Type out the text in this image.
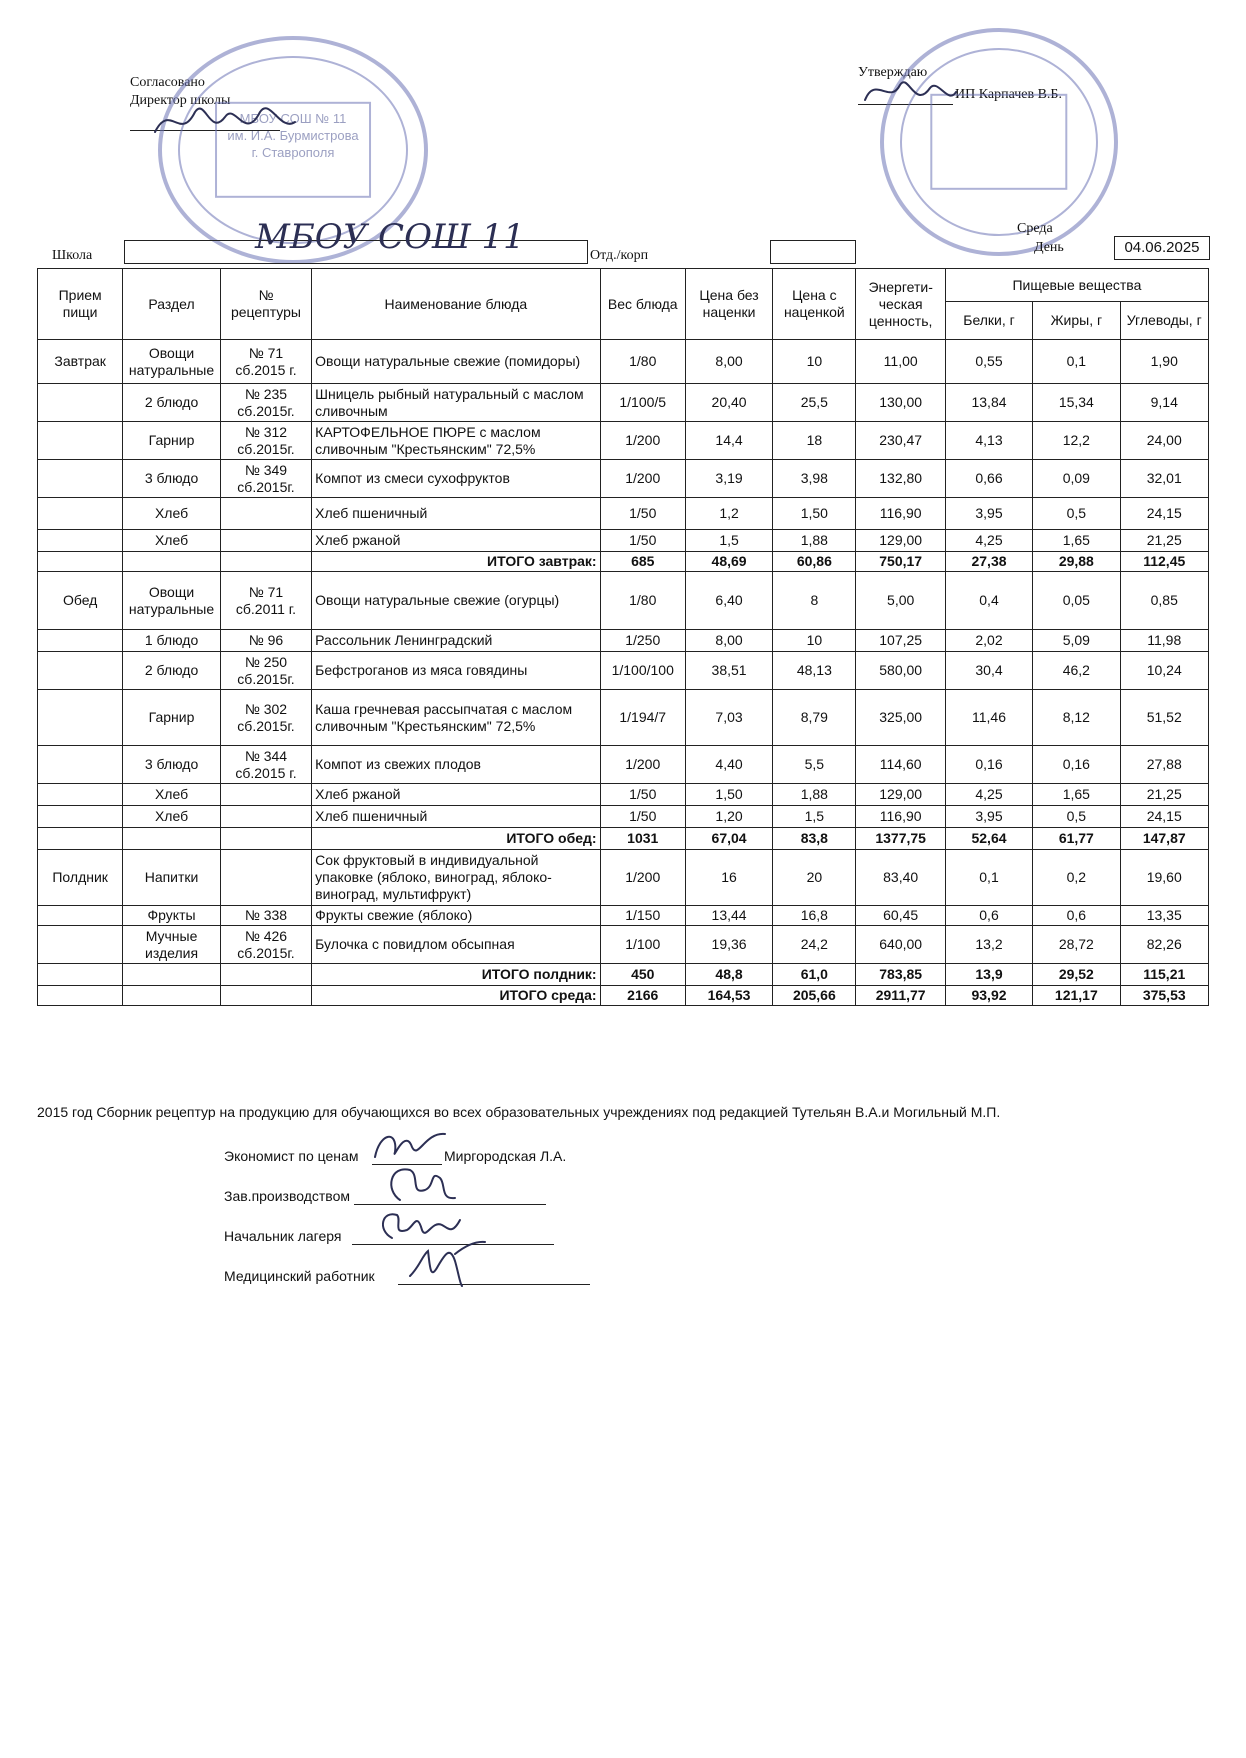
Согласовано
Директор школы
МБОУ СОШ № 11
им. И.А. Бурмистрова
г. Ставрополя
Утверждаю
ИП Карпачев В.Б.
Среда
День	04.06.2025
Школа	МБОУ СОШ 11	Отд./корп
Прием пищи	Раздел	№ рецептуры	Наименование блюда	Вес блюда	Цена без наценки	Цена с наценкой	Энергети-ческая ценность,	Пищевые вещества		
								Белки, г	Жиры, г	Углеводы, г
Завтрак	Овощи натуральные	№ 71 сб.2015 г.	Овощи натуральные свежие (помидоры)	1/80	8,00	10	11,00	0,55	0,1	1,90
	2 блюдо	№ 235 сб.2015г.	Шницель рыбный натуральный с маслом сливочным	1/100/5	20,40	25,5	130,00	13,84	15,34	9,14
	Гарнир	№ 312 сб.2015г.	КАРТОФЕЛЬНОЕ ПЮРЕ с маслом сливочным "Крестьянским" 72,5%	1/200	14,4	18	230,47	4,13	12,2	24,00
	3 блюдо	№ 349 сб.2015г.	Компот из смеси сухофруктов	1/200	3,19	3,98	132,80	0,66	0,09	32,01
	Хлеб		Хлеб пшеничный	1/50	1,2	1,50	116,90	3,95	0,5	24,15
	Хлеб		Хлеб ржаной	1/50	1,5	1,88	129,00	4,25	1,65	21,25
			ИТОГО завтрак:	685	48,69	60,86	750,17	27,38	29,88	112,45
Обед	Овощи натуральные	№ 71 сб.2011 г.	Овощи натуральные свежие (огурцы)	1/80	6,40	8	5,00	0,4	0,05	0,85
	1 блюдо	№ 96	Рассольник Ленинградский	1/250	8,00	10	107,25	2,02	5,09	11,98
	2 блюдо	№ 250 сб.2015г.	Бефстроганов из мяса говядины	1/100/100	38,51	48,13	580,00	30,4	46,2	10,24
	Гарнир	№ 302 сб.2015г.	Каша гречневая рассыпчатая с маслом сливочным "Крестьянским" 72,5%	1/194/7	7,03	8,79	325,00	11,46	8,12	51,52
	3 блюдо	№ 344 сб.2015 г.	Компот из свежих плодов	1/200	4,40	5,5	114,60	0,16	0,16	27,88
	Хлеб		Хлеб ржаной	1/50	1,50	1,88	129,00	4,25	1,65	21,25
	Хлеб		Хлеб пшеничный	1/50	1,20	1,5	116,90	3,95	0,5	24,15
			ИТОГО обед:	1031	67,04	83,8	1377,75	52,64	61,77	147,87
Полдник	Напитки		Сок фруктовый в индивидуальной упаковке (яблоко, виноград, яблоко-виноград, мультифрукт)	1/200	16	20	83,40	0,1	0,2	19,60
	Фрукты	№ 338	Фрукты свежие (яблоко)	1/150	13,44	16,8	60,45	0,6	0,6	13,35
	Мучные изделия	№ 426 сб.2015г.	Булочка с повидлом обсыпная	1/100	19,36	24,2	640,00	13,2	28,72	82,26
			ИТОГО полдник:	450	48,8	61,0	783,85	13,9	29,52	115,21
			ИТОГО среда:	2166	164,53	205,66	2911,77	93,92	121,17	375,53
2015 год Сборник рецептур на продукцию для обучающихся во всех образовательных учреждениях под редакцией Тутельян В.А.и Могильный М.П.
Экономист по ценам	Миргородская Л.А.
Зав.производством
Начальник лагеря
Медицинский работник
